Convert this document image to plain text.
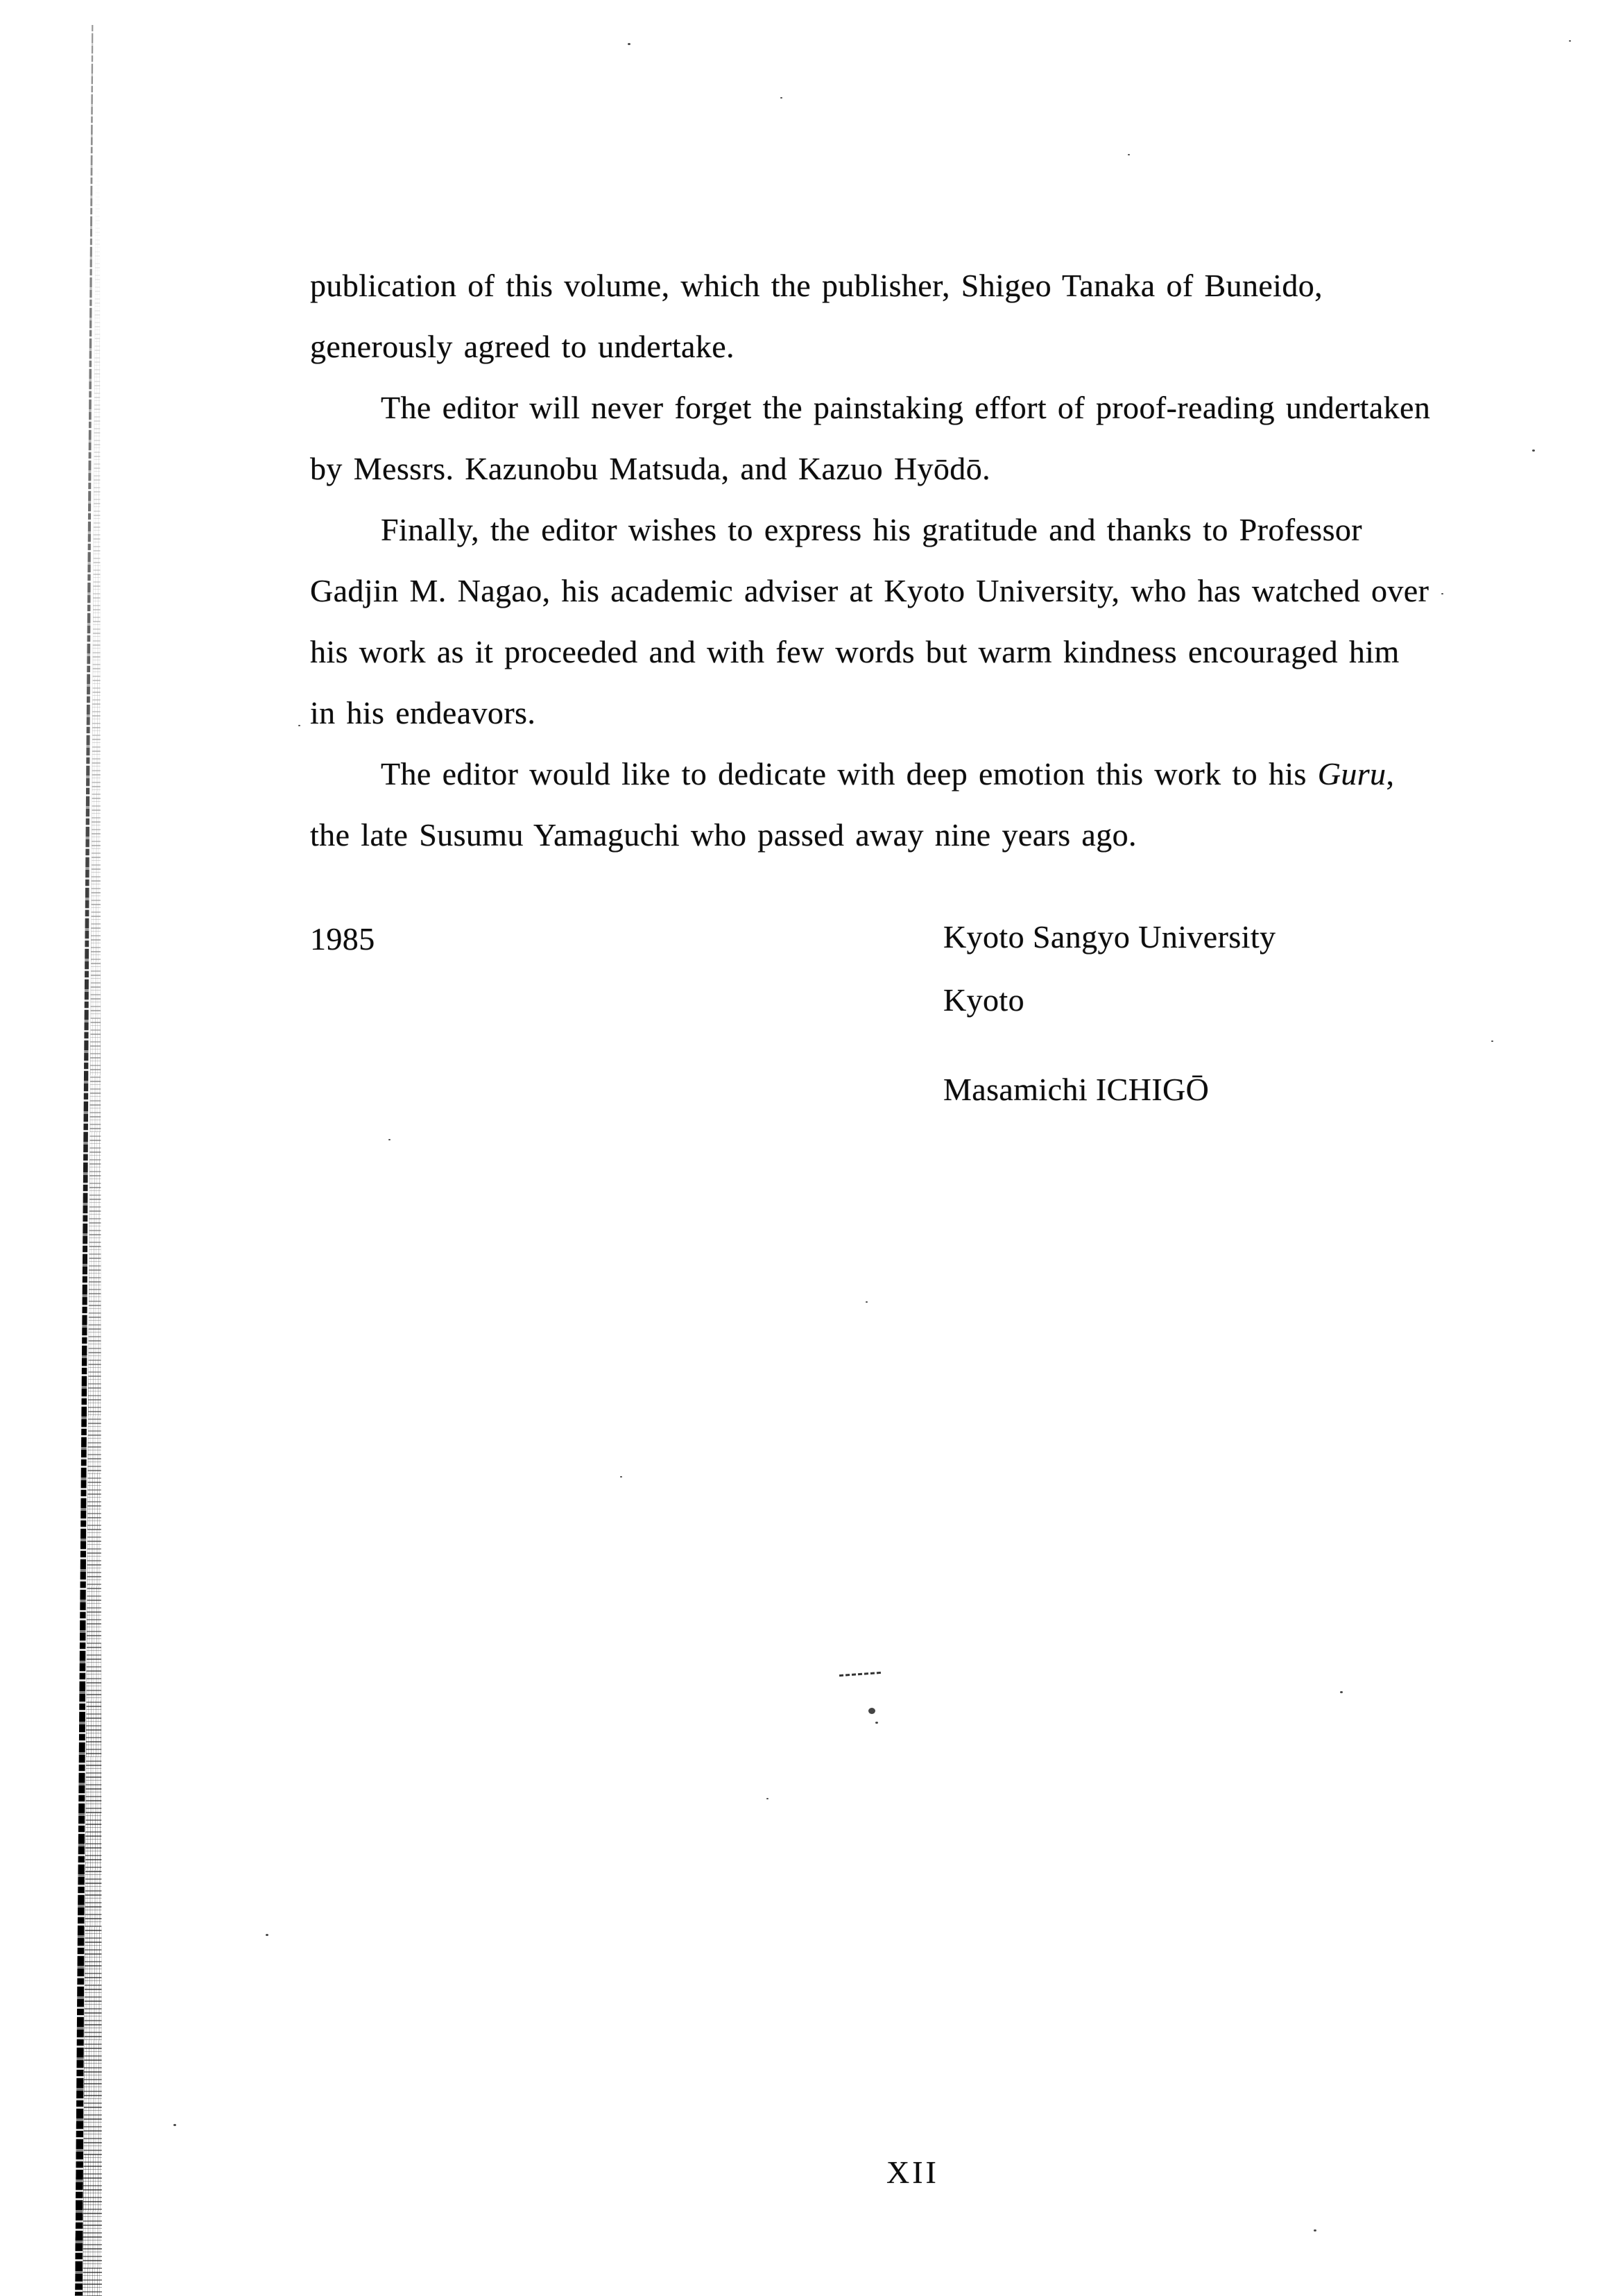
publication of this volume, which the publisher, Shigeo Tanaka of Buneido,
generously agreed to undertake.
The editor will never forget the painstaking effort of proof-reading undertaken
by Messrs. Kazunobu Matsuda, and Kazuo Hyōdō.
Finally, the editor wishes to express his gratitude and thanks to Professor
Gadjin M. Nagao, his academic adviser at Kyoto University, who has watched over
his work as it proceeded and with few words but warm kindness encouraged him
in his endeavors.
The editor would like to dedicate with deep emotion this work to his Guru,
the late Susumu Yamaguchi who passed away nine years ago.
1985	Kyoto Sangyo University
Kyoto
Masamichi ICHIGŌ
XII
